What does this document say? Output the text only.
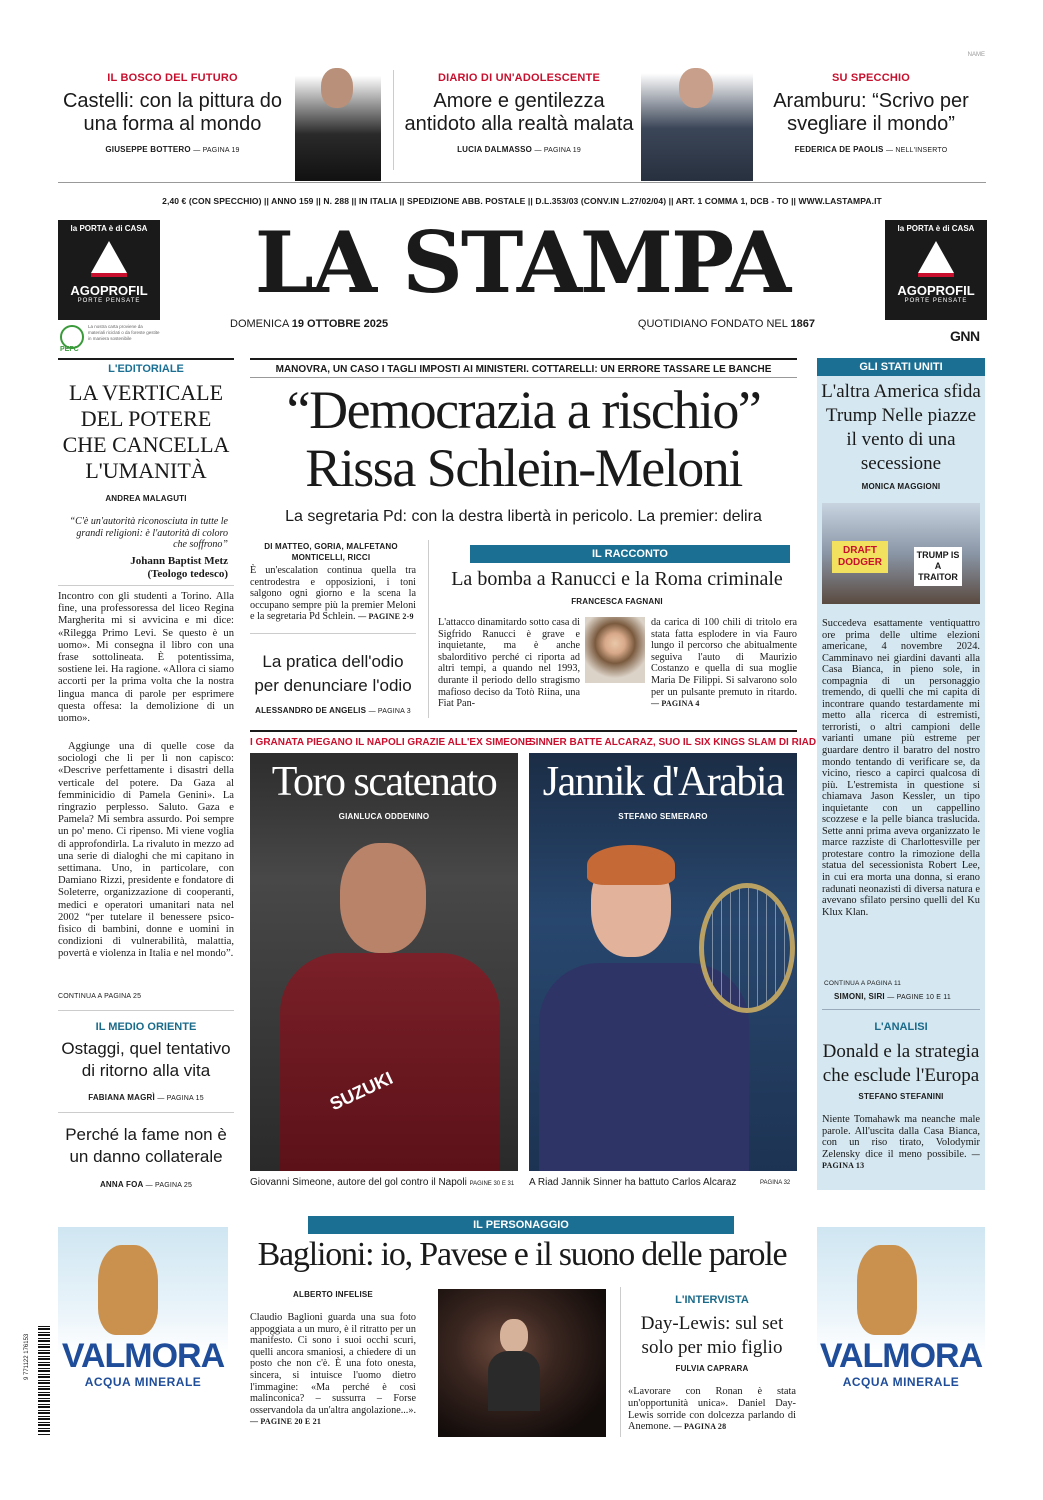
NAME
IL BOSCO DEL FUTURO
Castelli: con la pittura do una forma al mondo
GIUSEPPE BOTTERO — PAGINA 19
DIARIO DI UN'ADOLESCENTE
Amore e gentilezza antidoto alla realtà malata
LUCIA DALMASSO — PAGINA 19
SU SPECCHIO
Aramburu: “Scrivo per svegliare il mondo”
FEDERICA DE PAOLIS — NELL'INSERTO
2,40 € (CON SPECCHIO) || ANNO 159 || N. 288 || IN ITALIA || SPEDIZIONE ABB. POSTALE || D.L.353/03 (CONV.IN L.27/02/04) || ART. 1 COMMA 1, DCB - TO || WWW.LASTAMPA.IT
la PORTA è di CASA
AGOPROFIL
PORTE PENSATE
PEFC
La nostra carta proviene da materiali riciclati o da foreste gestite in maniera sostenibile
LA STAMPA
DOMENICA 19 OTTOBRE 2025	QUOTIDIANO FONDATO NEL 1867
la PORTA è di CASA
AGOPROFIL
PORTE PENSATE
GNN
L'EDITORIALE
LA VERTICALE DEL POTERE CHE CANCELLA L'UMANITÀ
ANDREA MALAGUTI
“C'è un'autorità riconosciuta in tutte le grandi religioni: è l'autorità di coloro che soffrono”
Johann Baptist Metz
(Teologo tedesco)
Incontro con gli studenti a Torino. Alla fine, una professoressa del liceo Regina Margherita mi si avvicina e mi dice: «Rilegga Primo Levi. Se questo è un uomo». Mi consegna il libro con una frase sottolineata. È potentissima, sostiene lei. Ha ragione. «Allora ci siamo accorti per la prima volta che la nostra lingua manca di parole per esprimere questa offesa: la demolizione di un uomo».
Aggiunge una di quelle cose da sociologi che li per lì non capisco: «Descrive perfettamente i disastri della verticale del potere. Da Gaza al femminicidio di Pamela Genini». La ringrazio perplesso. Saluto. Gaza e Pamela? Mi sembra assurdo. Poi sempre un po' meno. Ci ripenso. Mi viene voglia di approfondirla. La rivaluto in mezzo ad una serie di dialoghi che mi capitano in settimana. Uno, in particolare, con Damiano Rizzi, presidente e fondatore di Soleterre, organizzazione di cooperanti, medici e operatori umanitari nata nel 2002 “per tutelare il benessere psico-fisico di bambini, donne e uomini in condizioni di vulnerabilità, malattia, povertà e violenza in Italia e nel mondo”.
CONTINUA A PAGINA 25
IL MEDIO ORIENTE
Ostaggi, quel tentativo di ritorno alla vita
FABIANA MAGRÌ — PAGINA 15
Perché la fame non è un danno collaterale
ANNA FOA — PAGINA 25
MANOVRA, UN CASO I TAGLI IMPOSTI AI MINISTERI. COTTARELLI: UN ERRORE TASSARE LE BANCHE
“Democrazia a rischio”
Rissa Schlein-Meloni
La segretaria Pd: con la destra libertà in pericolo. La premier: delira
DI MATTEO, GORIA, MALFETANO MONTICELLI, RICCI
È un'escalation continua quella tra centrodestra e opposizioni, i toni salgono ogni giorno e la scena la occupano sempre più la premier Meloni e la segretaria Pd Schlein. — PAGINE 2-9
La pratica dell'odio per denunciare l'odio
ALESSANDRO DE ANGELIS — PAGINA 3
IL RACCONTO
La bomba a Ranucci e la Roma criminale
FRANCESCA FAGNANI
L'attacco dinamitardo sotto casa di Sigfrido Ranucci è grave e inquietante, ma è anche sbalorditivo perché ci riporta ad altri tempi, a quando nel 1993, durante il periodo dello stragismo mafioso deciso da Totò Riina, una Fiat Pan-
da carica di 100 chili di tritolo era stata fatta esplodere in via Fauro lungo il percorso che abitualmente seguiva l'auto di Maurizio Costanzo e quella di sua moglie Maria De Filippi. Si salvarono solo per un pulsante premuto in ritardo. — PAGINA 4
I GRANATA PIEGANO IL NAPOLI GRAZIE ALL'EX SIMEONE
SINNER BATTE ALCARAZ, SUO IL SIX KINGS SLAM DI RIAD
SUZUKI
Toro scatenato
GIANLUCA ODDENINO
Giovanni Simeone, autore del gol contro il Napoli PAGINE 30 E 31
Jannik d'Arabia
STEFANO SEMERARO
A Riad Jannik Sinner ha battuto Carlos Alcaraz	PAGINA 32
GLI STATI UNITI
L'altra America sfida Trump Nelle piazze il vento di una secessione
MONICA MAGGIONI
DRAFT DODGER
TRUMP IS A TRAITOR
Succedeva esattamente ventiquattro ore prima delle ultime elezioni americane, 4 novembre 2024. Camminavo nei giardini davanti alla Casa Bianca, in pieno sole, in compagnia di un personaggio tremendo, di quelli che mi capita di incontrare quando testardamente mi metto alla ricerca di estremisti, terroristi, o altri campioni delle varianti umane più estreme per guardare dentro il baratro del nostro mondo tentando di verificare se, da vicino, riesco a capirci qualcosa di più. L'estremista in questione si chiamava Jason Kessler, un tipo inquietante con un cappellino scozzese e la pelle bianca traslucida. Sette anni prima aveva organizzato le marce razziste di Charlottesville per protestare contro la rimozione della statua del secessionista Robert Lee, in cui era morta una donna, si erano radunati neonazisti di diversa natura e avevano sfilato persino quelli del Ku Klux Klan.
CONTINUA A PAGINA 11
SIMONI, SIRI — PAGINE 10 E 11
L'ANALISI
Donald e la strategia che esclude l'Europa
STEFANO STEFANINI
Niente Tomahawk ma neanche male parole. All'uscita dalla Casa Bianca, con un riso tirato, Volodymir Zelensky dice il meno possibile. — PAGINA 13
VALMORA
ACQUA MINERALE
9 771122 176153
IL PERSONAGGIO
Baglioni: io, Pavese e il suono delle parole
ALBERTO INFELISE
Claudio Baglioni guarda una sua foto appoggiata a un muro, è il ritratto per un manifesto. Ci sono i suoi occhi scuri, quelli ancora smaniosi, a chiedere di un posto che non c'è. È una foto onesta, sincera, si intuisce l'uomo dietro l'immagine: «Ma perché è così malinconica? – sussurra – Forse osservandola da un'altra angolazione...». — PAGINE 20 E 21
L'INTERVISTA
Day-Lewis: sul set solo per mio figlio
FULVIA CAPRARA
«Lavorare con Ronan è stata un'opportunità unica». Daniel Day-Lewis sorride con dolcezza parlando di Anemone. — PAGINA 28
VALMORA
ACQUA MINERALE
